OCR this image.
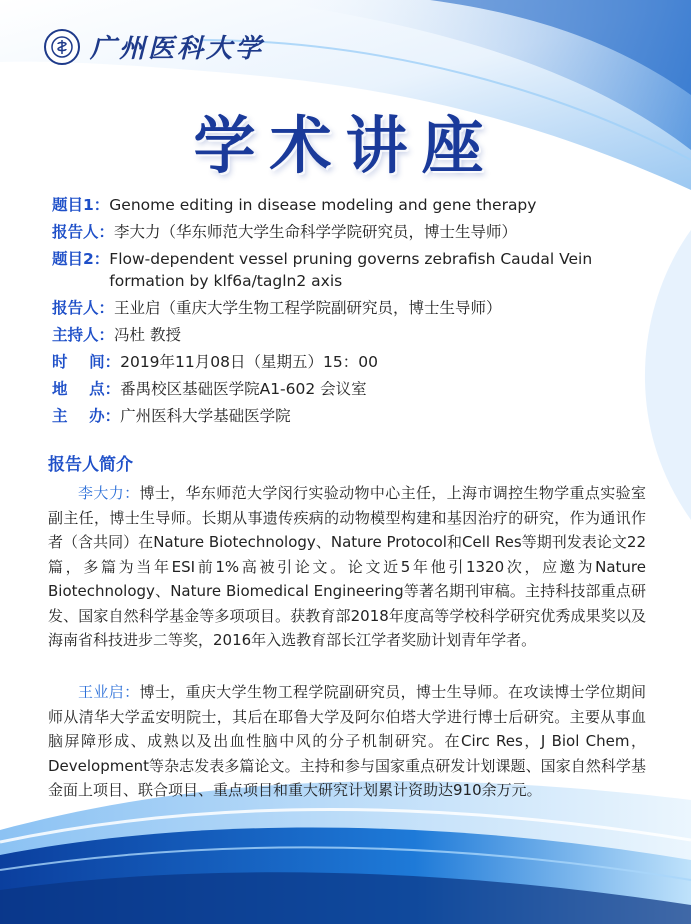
广州医科大学
学术讲座
题目1： Genome editing in disease modeling and gene therapy
报告人： 李大力（华东师范大学生命科学学院研究员，博士生导师）
题目2： Flow-dependent vessel pruning governs zebrafish Caudal Vein formation by klf6a/tagln2 axis
报告人： 王业启（重庆大学生物工程学院副研究员，博士生导师）
主持人： 冯杜 教授
时    间： 2019年11月08日（星期五）15：00
地    点： 番禺校区基础医学院A1-602 会议室
主    办： 广州医科大学基础医学院
报告人简介
李大力：博士，华东师范大学闵行实验动物中心主任，上海市调控生物学重点实验室副主任，博士生导师。长期从事遗传疾病的动物模型构建和基因治疗的研究，作为通讯作者（含共同）在Nature Biotechnology、Nature Protocol和Cell Res等期刊发表论文22篇，多篇为当年ESI前1%高被引论文。论文近5年他引1320次，应邀为Nature Biotechnology、Nature Biomedical Engineering等著名期刊审稿。主持科技部重点研发、国家自然科学基金等多项项目。获教育部2018年度高等学校科学研究优秀成果奖以及海南省科技进步二等奖，2016年入选教育部长江学者奖励计划青年学者。
王业启：博士，重庆大学生物工程学院副研究员，博士生导师。在攻读博士学位期间师从清华大学孟安明院士，其后在耶鲁大学及阿尔伯塔大学进行博士后研究。主要从事血脑屏障形成、成熟以及出血性脑中风的分子机制研究。在Circ Res，J Biol Chem，Development等杂志发表多篇论文。主持和参与国家重点研发计划课题、国家自然科学基金面上项目、联合项目、重点项目和重大研究计划累计资助达910余万元。
